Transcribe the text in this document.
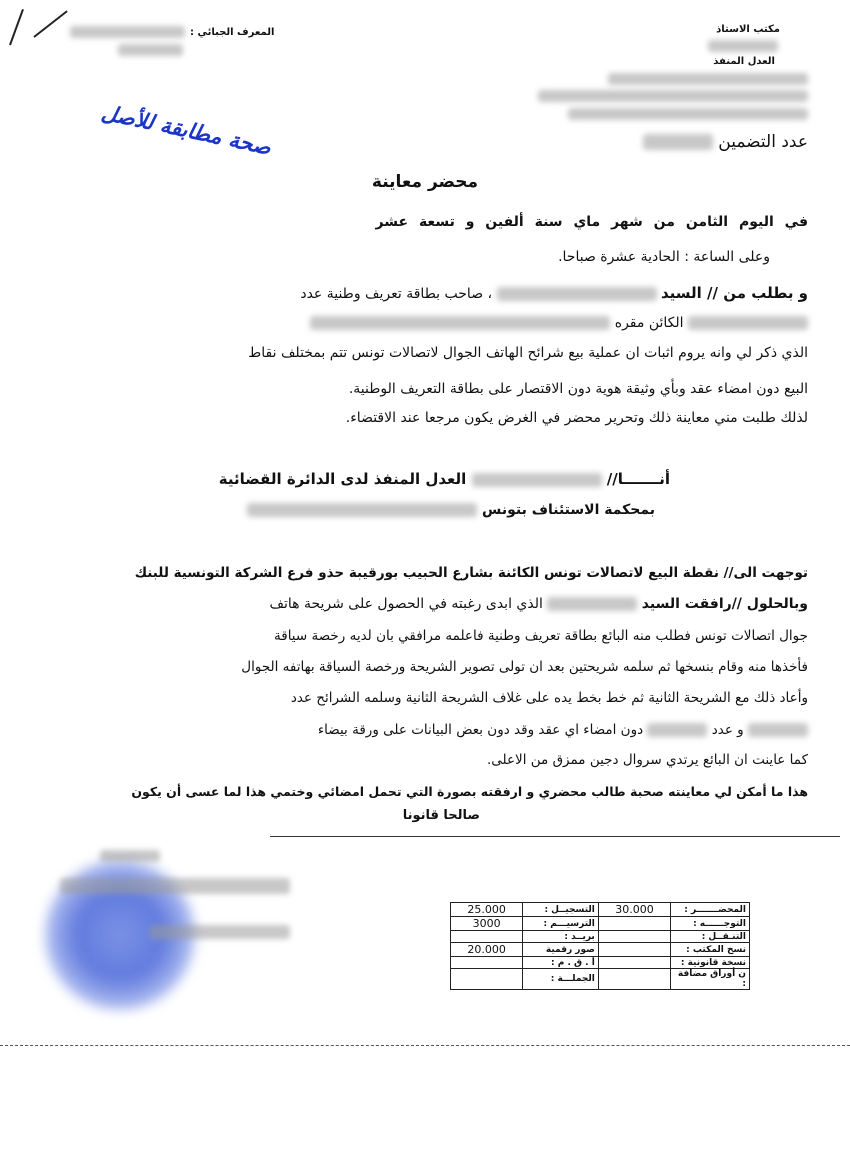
مكتب الاستاذ
العدل المنفذ
عدد التضمين
المعرف الجبائي :
صحة مطابقة للأصل
محضر معاينة
في اليوم الثامن من شهر ماي سنة ألفين و تسعة عشر
وعلى الساعة : الحادية عشرة صباحا.
و بطلب من // السيد  ، صاحب بطاقة تعريف وطنية عدد
الكائن مقره
الذي ذكر لي وانه يروم اثبات ان عملية بيع شرائح الهاتف الجوال لاتصالات تونس تتم بمختلف نقاط
البيع دون امضاء عقد وبأي وثيقة هوية دون الاقتصار على بطاقة التعريف الوطنية.
لذلك طلبت مني معاينة ذلك وتحرير محضر في الغرض يكون مرجعا عند الاقتضاء.
أنـــــــا//  العدل المنفذ لدى الدائرة القضائية
بمحكمة الاستئناف بتونس
توجهت الى// نقطة البيع لاتصالات تونس الكائنة بشارع الحبيب بورقيبة حذو فرع الشركة التونسية للبنك
وبالحلول //رافقت السيد  الذي ابدى رغبته في الحصول على شريحة هاتف
جوال اتصالات تونس فطلب منه البائع بطاقة تعريف وطنية فاعلمه مرافقي بان لديه رخصة سياقة
فأخذها منه وقام بنسخها ثم سلمه شريحتين بعد ان تولى تصوير الشريحة ورخصة السياقة بهاتفه الجوال
وأعاد ذلك مع الشريحة الثانية ثم خط بخط يده على غلاف الشريحة الثانية وسلمه الشرائح عدد
و عدد  دون امضاء اي عقد وقد دون بعض البيانات على ورقة بيضاء
كما عاينت ان البائع يرتدي سروال دجين ممزق من الاعلى.
هذا ما أمكن لي معاينته صحبة طالب محضري و ارفقته بصورة التي تحمل امضائي وختمي هذا لما عسى أن يكون
صالحا قانونا
المحضـــــــر :	30.000	التسجيــل :	25.000
التوجــــــه :		الترسيـــم :	3000
التنـقــل :		بريــد :	
نسخ المكتب :		صور رقمية	20.000
نسخة قانونية :		أ . ق . م :	
ن أوراق مضافة :		الجملـــة :	
